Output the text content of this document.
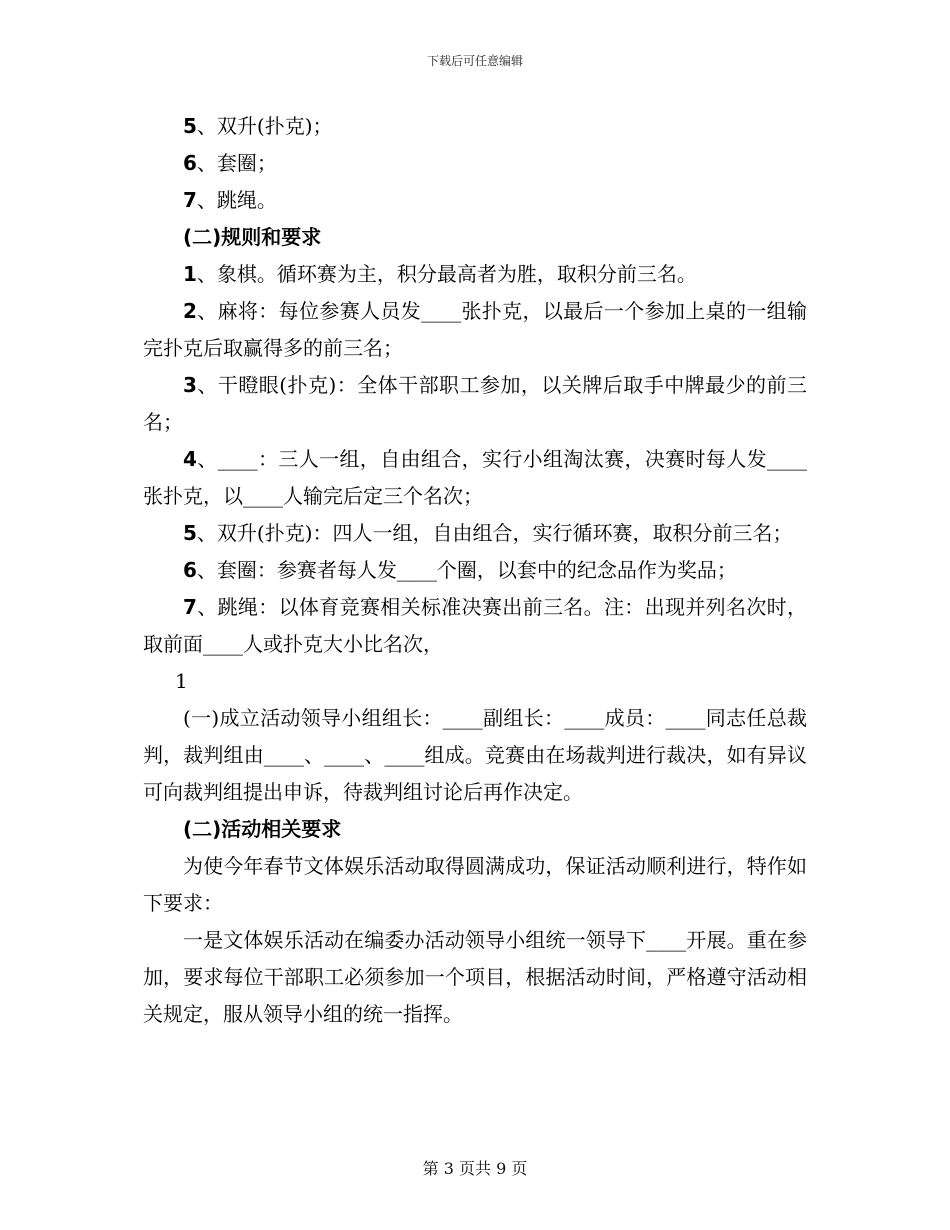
下载后可任意编辑

5、双升(扑克)；

6、套圈；

7、跳绳。

(二)规则和要求

1、象棋。循环赛为主，积分最高者为胜，取积分前三名。

2、麻将：每位参赛人员发____张扑克，以最后一个参加上桌的一组输完扑克后取赢得多的前三名；

3、干瞪眼(扑克)：全体干部职工参加，以关牌后取手中牌最少的前三名；

4、____：三人一组，自由组合，实行小组淘汰赛，决赛时每人发____张扑克，以____人输完后定三个名次；

5、双升(扑克)：四人一组，自由组合，实行循环赛，取积分前三名；

6、套圈：参赛者每人发____个圈，以套中的纪念品作为奖品；

7、跳绳：以体育竞赛相关标准决赛出前三名。注：出现并列名次时，取前面____人或扑克大小比名次，

1

(一)成立活动领导小组组长：____副组长：____成员：____同志任总裁判，裁判组由____、____、____组成。竞赛由在场裁判进行裁决，如有异议可向裁判组提出申诉，待裁判组讨论后再作决定。

(二)活动相关要求

为使今年春节文体娱乐活动取得圆满成功，保证活动顺利进行，特作如下要求：

一是文体娱乐活动在编委办活动领导小组统一领导下____开展。重在参加，要求每位干部职工必须参加一个项目，根据活动时间，严格遵守活动相关规定，服从领导小组的统一指挥。

第 3 页共 9 页
